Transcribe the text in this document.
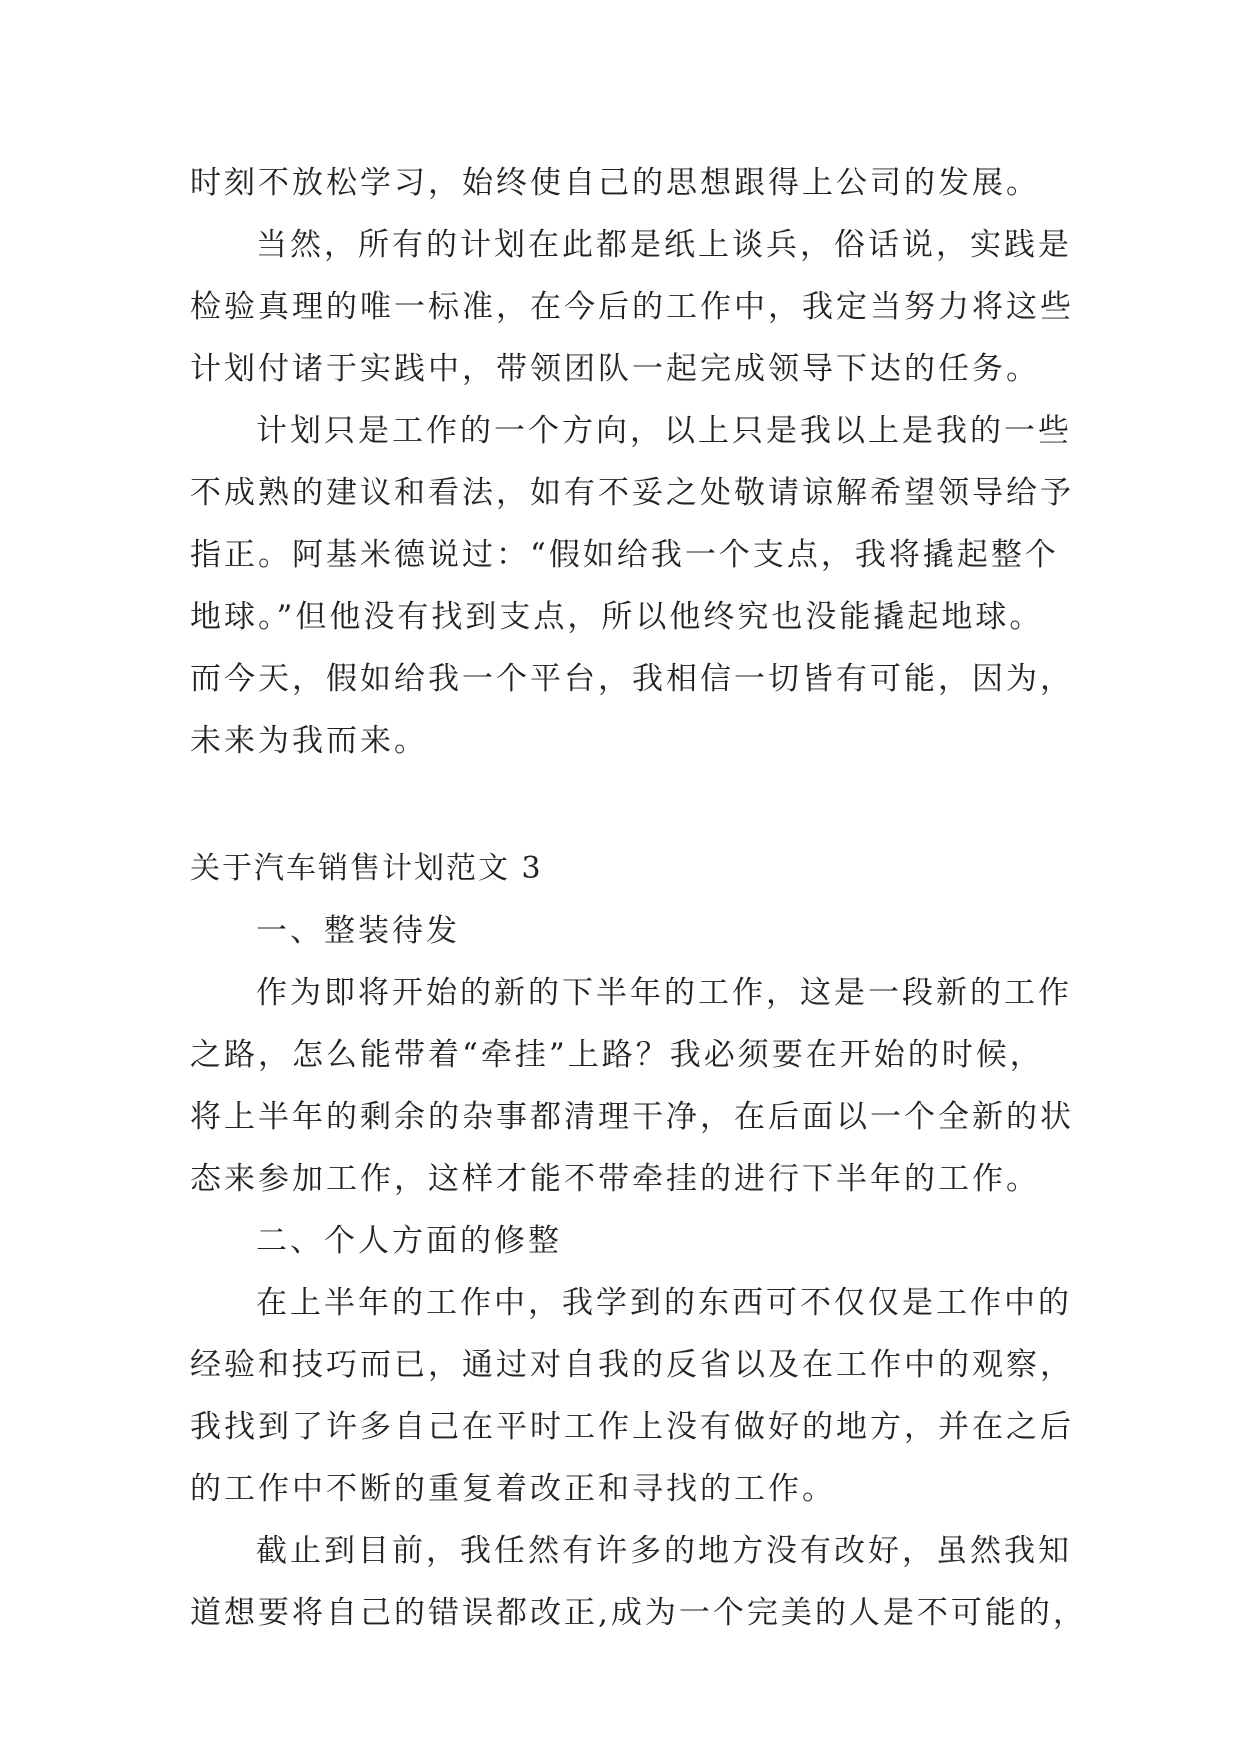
时刻不放松学习，始终使自己的思想跟得上公司的发展。
当然，所有的计划在此都是纸上谈兵，俗话说，实践是
检验真理的唯一标准，在今后的工作中，我定当努力将这些
计划付诸于实践中，带领团队一起完成领导下达的任务。
计划只是工作的一个方向，以上只是我以上是我的一些
不成熟的建议和看法，如有不妥之处敬请谅解希望领导给予
指正。阿基米德说过：“假如给我一个支点，我将撬起整个
地球。”但他没有找到支点，所以他终究也没能撬起地球。
而今天，假如给我一个平台，我相信一切皆有可能，因为，
未来为我而来。
关于汽车销售计划范文 3
一、整装待发
作为即将开始的新的下半年的工作，这是一段新的工作
之路，怎么能带着“牵挂”上路？我必须要在开始的时候，
将上半年的剩余的杂事都清理干净，在后面以一个全新的状
态来参加工作，这样才能不带牵挂的进行下半年的工作。
二、个人方面的修整
在上半年的工作中，我学到的东西可不仅仅是工作中的
经验和技巧而已，通过对自我的反省以及在工作中的观察，
我找到了许多自己在平时工作上没有做好的地方，并在之后
的工作中不断的重复着改正和寻找的工作。
截止到目前，我任然有许多的地方没有改好，虽然我知
道想要将自己的错误都改正,成为一个完美的人是不可能的，
